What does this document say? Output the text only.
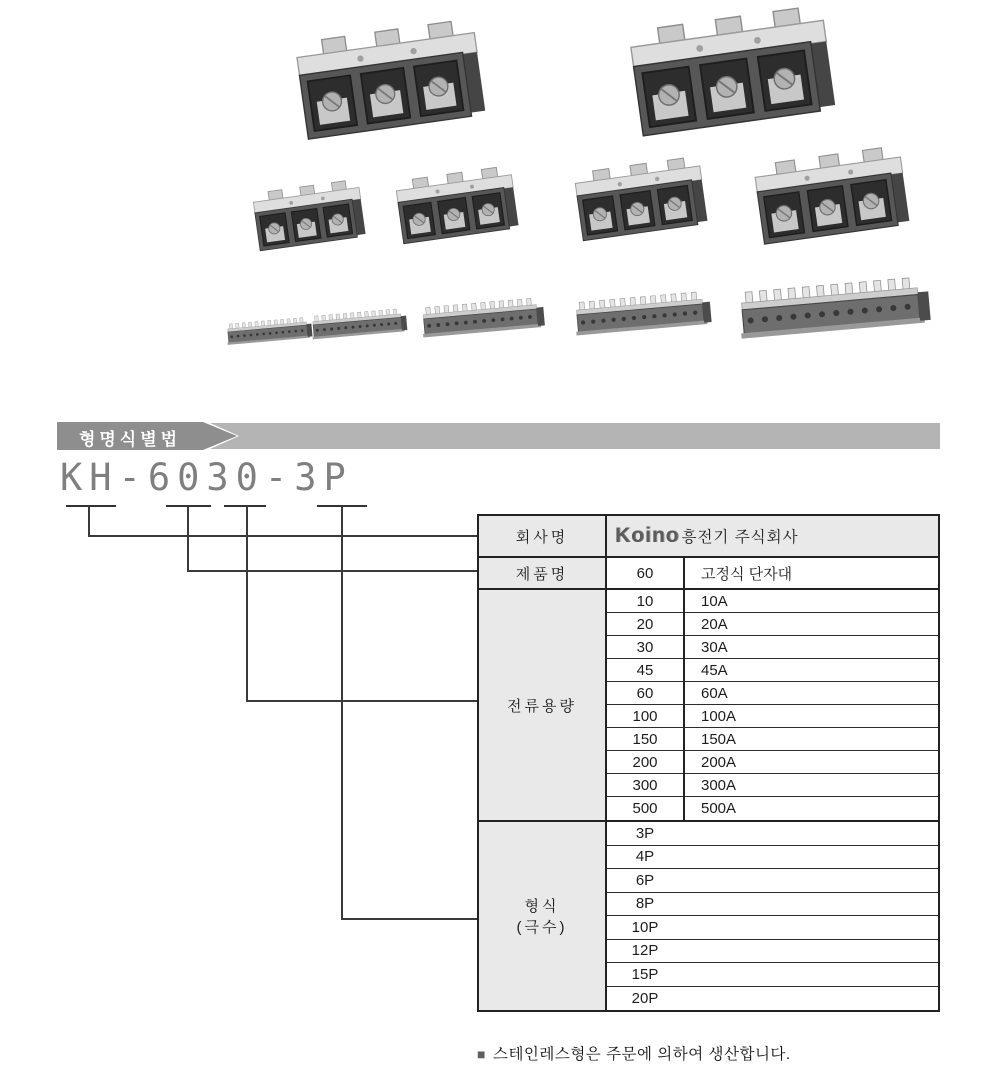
형명식별법
KH-6030-3P
회사명	Koino 흥전기 주식회사
제품명	60	고정식 단자대
전류용량
10	10A
20	20A
30	30A
45	45A
60	60A
100	100A
150	150A
200	200A
300	300A
500	500A
형식
(극수)
3P
4P
6P
8P
10P
12P
15P
20P
■ 스테인레스형은 주문에 의하여 생산합니다.
